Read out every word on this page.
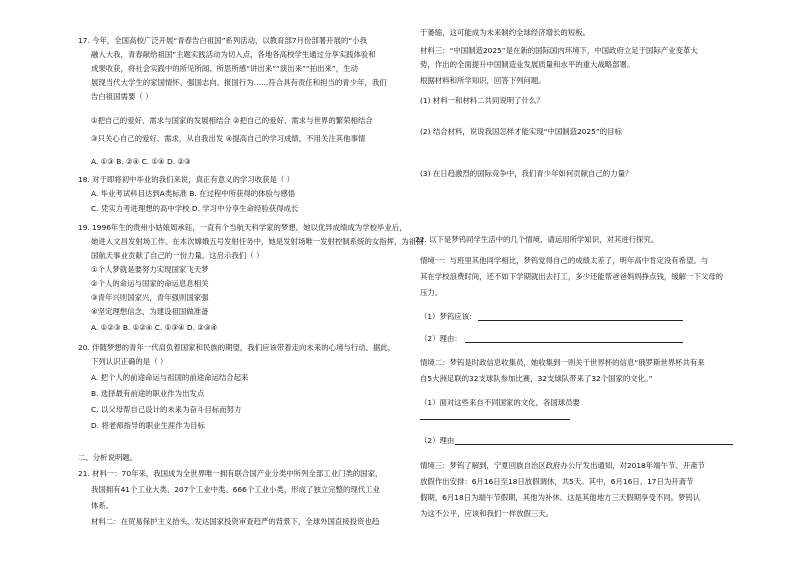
17. 今年，全国高校广泛开展“青春告白祖国”系列活动，以教育部7月份部署开展的“小我
融入大我，青春献给祖国”主题实践活动为切入点，各地各高校学生通过分享实践体验和
成果收获，将社会实践中的所见所闻、所思所感“讲出来”“演出来”“拍出来”，生动
展现当代大学生的家国情怀、强国志向、报国行为……符合具有责任和担当的青少年，我们
告白祖国需要（ ）
①把自己的爱好、需求与国家的发展相结合 ②把自己的爱好、需求与世界的繁荣相结合
③只关心自己的爱好、需求，从自我出发 ④提高自己的学习成绩，不用关注其他事情
A. ①③ B. ②④ C. ①④ D. ②③
18. 对于即将初中毕业的我们来说，真正有意义的学习收获是（ ）
A. 毕业考试科目达到A类标准 B. 在过程中所获得的体验与感悟
C. 凭实力考进理想的高中学校 D. 学习中分享生命经验获得成长
19. 1996年生的贵州小姑娘周承钰，一直有个当航天科学家的梦想。她以优异成绩成为学校毕业后，
她进入文昌发射场工作。在本次嫦娥五号发射任务中，她是发射场唯一发射控制系统的女指挥，为祖国
国航天事业贡献了自己的一份力量。这启示我们（ ）
①个人梦就是要努力实现国家飞天梦
②个人的命运与国家的命运息息相关
③青年兴则国家兴，青年强则国家强
④坚定理想信念，为建设祖国做准备
A. ①②③ B. ①②④ C. ①③④ D. ②③④
20. 伴随梦想的青年一代肩负着国家和民族的期望，我们应该带着走向未来的心境与行动。据此，
下列认识正确的是（ ）
A. 把个人的前途命运与祖国的前途命运结合起来
B. 选择最有前途的职业作为出发点
C. 以父母帮自己设计的未来为奋斗目标而努力
D. 将老师指导的职业生涯作为目标
二、分析说明题。
21. 材料一：70年来，我国成为全世界唯一拥有联合国产业分类中所列全部工业门类的国家，
我国拥有41个工业大类、207个工业中类、666个工业小类，形成了独立完整的现代工业
体系。
材料二：在贸易保护主义抬头、发达国家投资审查趋严的背景下，全球外国直接投资也趋
于萎缩，这可能成为未来制约全球经济增长的短板。
材料三：“中国制造2025”是在新的国际国内环境下，中国政府立足于国际产业变革大
势，作出的全面提升中国制造业发展质量和水平的重大战略部署。
根据材料和所学知识，回答下列问题。
(1) 材料一和材料二共同说明了什么？
(2) 结合材料，说说我国怎样才能实现“中国制造2025”的目标
(3) 在日趋激烈的国际竞争中，我们青少年如何贡献自己的力量？
22. 以下是梦钨同学生活中的几个情境，请运用所学知识，对其进行探究。
情境一：与班里其他同学相比，梦钨觉得自己的成绩太差了，明年高中肯定没有希望。与
其在学校浪费时间，还不如下学期就出去打工，多少还能帮爸爸妈妈挣点钱，缓解一下父母的
压力。
（1）梦钨应该：
（2）理由：
情境二：梦钨是时政信息收集员，她收集到一则关于世界杯的信息“俄罗斯世界杯共有来
自5大洲足联的32支球队参加比赛，32支球队带来了32个国家的文化。”
（1）面对这些来自不同国家的文化，各国球员要
（2）理由
情境三：梦钨了解到，宁夏回族自治区政府办公厅发出通知，对2018年端午节、开斋节
放假作出安排：6月16日至18日放假调休，共5天。其中，6月16日、17日为开斋节
假期，6月18日为端午节假期，其他为补休。这是其他地方三天假期享受不同。梦钨认
为这不公平，应该和我们一样放假三天。
